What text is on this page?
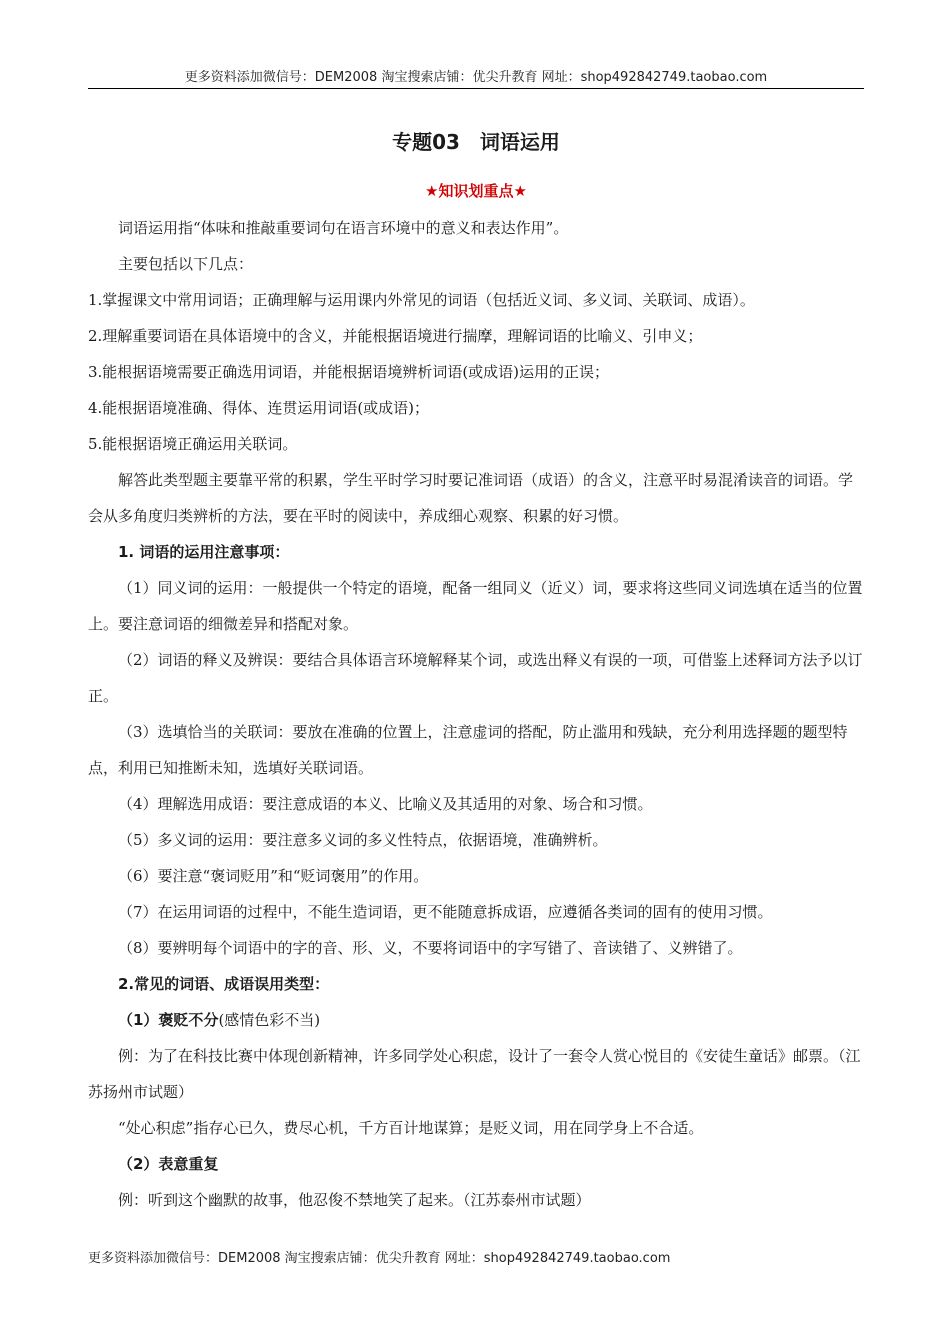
更多资料添加微信号：DEM2008 淘宝搜索店铺：优尖升教育 网址：shop492842749.taobao.com
专题03　词语运用
★知识划重点★

词语运用指“体味和推敲重要词句在语言环境中的意义和表达作用”。

主要包括以下几点：

1.掌握课文中常用词语；正确理解与运用课内外常见的词语（包括近义词、多义词、关联词、成语）。

2.理解重要词语在具体语境中的含义，并能根据语境进行揣摩，理解词语的比喻义、引申义；

3.能根据语境需要正确选用词语，并能根据语境辨析词语(或成语)运用的正误；

4.能根据语境准确、得体、连贯运用词语(或成语)；

5.能根据语境正确运用关联词。

解答此类型题主要靠平常的积累，学生平时学习时要记准词语（成语）的含义，注意平时易混淆读音的词语。学会从多角度归类辨析的方法，要在平时的阅读中，养成细心观察、积累的好习惯。

1. 词语的运用注意事项：

（1）同义词的运用：一般提供一个特定的语境，配备一组同义（近义）词，要求将这些同义词选填在适当的位置上。要注意词语的细微差异和搭配对象。

（2）词语的释义及辨误：要结合具体语言环境解释某个词，或选出释义有误的一项，可借鉴上述释词方法予以订正。

（3）选填恰当的关联词：要放在准确的位置上，注意虚词的搭配，防止滥用和残缺，充分利用选择题的题型特点，利用已知推断未知，选填好关联词语。

（4）理解选用成语：要注意成语的本义、比喻义及其适用的对象、场合和习惯。

（5）多义词的运用：要注意多义词的多义性特点，依据语境，准确辨析。

（6）要注意“褒词贬用”和“贬词褒用”的作用。

（7）在运用词语的过程中，不能生造词语，更不能随意拆成语，应遵循各类词的固有的使用习惯。

（8）要辨明每个词语中的字的音、形、义，不要将词语中的字写错了、音读错了、义辨错了。

2.常见的词语、成语误用类型：

（1）褒贬不分(感情色彩不当)

例：为了在科技比赛中体现创新精神，许多同学处心积虑，设计了一套令人赏心悦目的《安徒生童话》邮票。（江苏扬州市试题）

“处心积虑”指存心已久，费尽心机，千方百计地谋算；是贬义词，用在同学身上不合适。

（2）表意重复

例：听到这个幽默的故事，他忍俊不禁地笑了起来。（江苏泰州市试题）

更多资料添加微信号：DEM2008 淘宝搜索店铺：优尖升教育 网址：shop492842749.taobao.com
